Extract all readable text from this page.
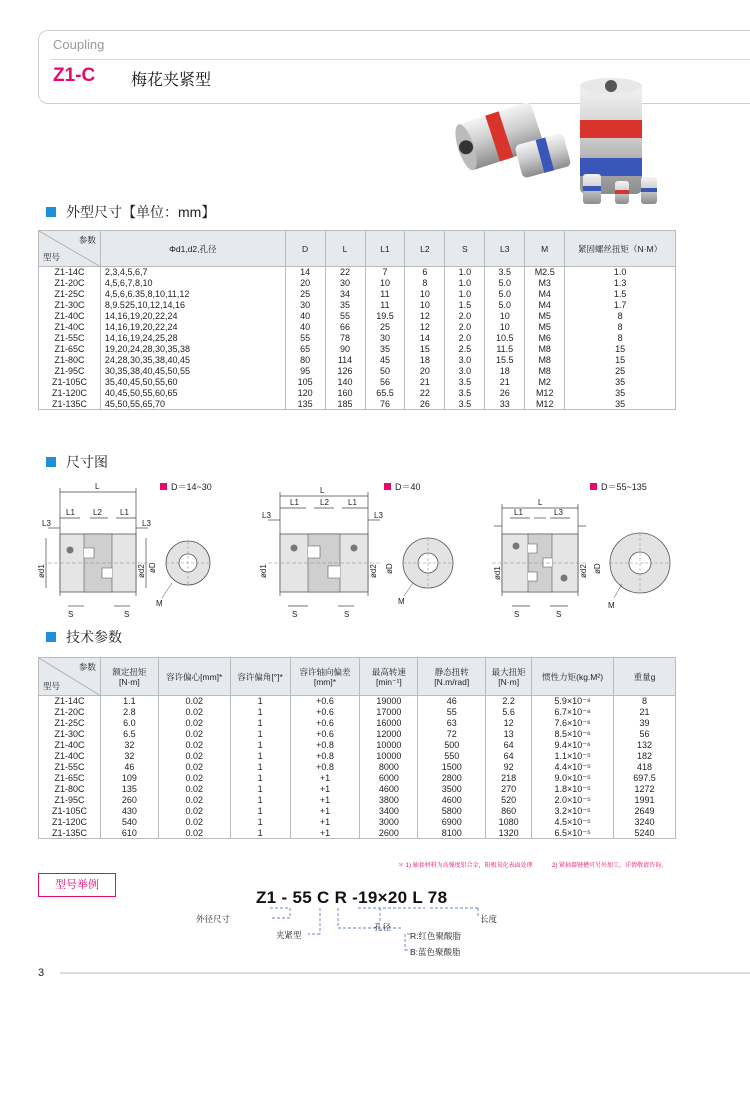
Coupling
Z1-C 梅花夹紧型
外型尺寸【单位：mm】
参数
型号	Φd1,d2,孔径	D	L	L1	L2	S	L3	M	紧固螺丝扭矩（N·M）
Z1-14C	2,3,4,5,6,7	14	22	7	6	1.0	3.5	M2.5	1.0
Z1-20C	4,5,6,7,8,10	20	30	10	8	1.0	5.0	M3	1.3
Z1-25C	4,5,6,6.35,8,10,11,12	25	34	11	10	1.0	5.0	M4	1.5
Z1-30C	8,9.525,10,12,14,16	30	35	11	10	1.5	5.0	M4	1.7
Z1-40C	14,16,19,20,22,24	40	55	19.5	12	2.0	10	M5	8
Z1-40C	14,16,19,20,22,24	40	66	25	12	2.0	10	M5	8
Z1-55C	14,16,19,24,25,28	55	78	30	14	2.0	10.5	M6	8
Z1-65C	19,20,24,28,30,35,38	65	90	35	15	2.5	11.5	M8	15
Z1-80C	24,28,30,35,38,40,45	80	114	45	18	3.0	15.5	M8	15
Z1-95C	30,35,38,40,45,50,55	95	126	50	20	3.0	18	M8	25
Z1-105C	35,40,45,50,55,60	105	140	56	21	3.5	21	M2	35
Z1-120C	40,45,50,55,60,65	120	160	65.5	22	3.5	26	M12	35
Z1-135C	45,50,55,65,70	135	185	76	26	3.5	33	M12	35
尺寸图
D＝14~30	D＝40	D＝55~135
L
L1 L2 L1
L3	L3
S	S
M
ød1	ød2 øD
L
L1	L2 L1
L3	L3
S	S
M
ød1	ød2 øD
L
L1	L3
S	S
M
ød1	ød2 øD
技术参数
参数
型号	额定扭矩[N·m]	容许偏心[mm]*	容许偏角[°]*	容许轴向偏差[mm]*	最高转速[min⁻¹]	静态扭转[N.m/rad]	最大扭矩[N·m]	惯性力矩(kg.M²)	重量g
Z1-14C	1.1	0.02	1	+0.6	19000	46	2.2	5.9×10⁻⁸	8
Z1-20C	2.8	0.02	1	+0.6	17000	55	5.6	6.7×10⁻⁸	21
Z1-25C	6.0	0.02	1	+0.6	16000	63	12	7.6×10⁻⁶	39
Z1-30C	6.5	0.02	1	+0.6	12000	72	13	8.5×10⁻⁶	56
Z1-40C	32	0.02	1	+0.8	10000	500	64	9.4×10⁻⁶	132
Z1-40C	32	0.02	1	+0.8	10000	550	64	1.1×10⁻⁵	182
Z1-55C	46	0.02	1	+0.8	8000	1500	92	4.4×10⁻⁵	418
Z1-65C	109	0.02	1	+1	6000	2800	218	9.0×10⁻⁵	697.5
Z1-80C	135	0.02	1	+1	4600	3500	270	1.8×10⁻⁵	1272
Z1-95C	260	0.02	1	+1	3800	4600	520	2.0×10⁻⁵	1991
Z1-105C	430	0.02	1	+1	3400	5800	860	3.2×10⁻⁵	2649
Z1-120C	540	0.02	1	+1	3000	6900	1080	4.5×10⁻⁵	3240
Z1-135C	610	0.02	1	+1	2600	8100	1320	6.5×10⁻⁵	5240
＊ 1) 轴套材料为高强度铝合金，阳极氧化表面处理	2) 紧轴器键槽可另外加工，详情敬请咨询。
型号举例
Z1 - 55 C R -19×20 L 78
外径尺寸
夹紧型
孔径
R:红色聚酸脂
B:蓝色聚酸脂
长度
3
